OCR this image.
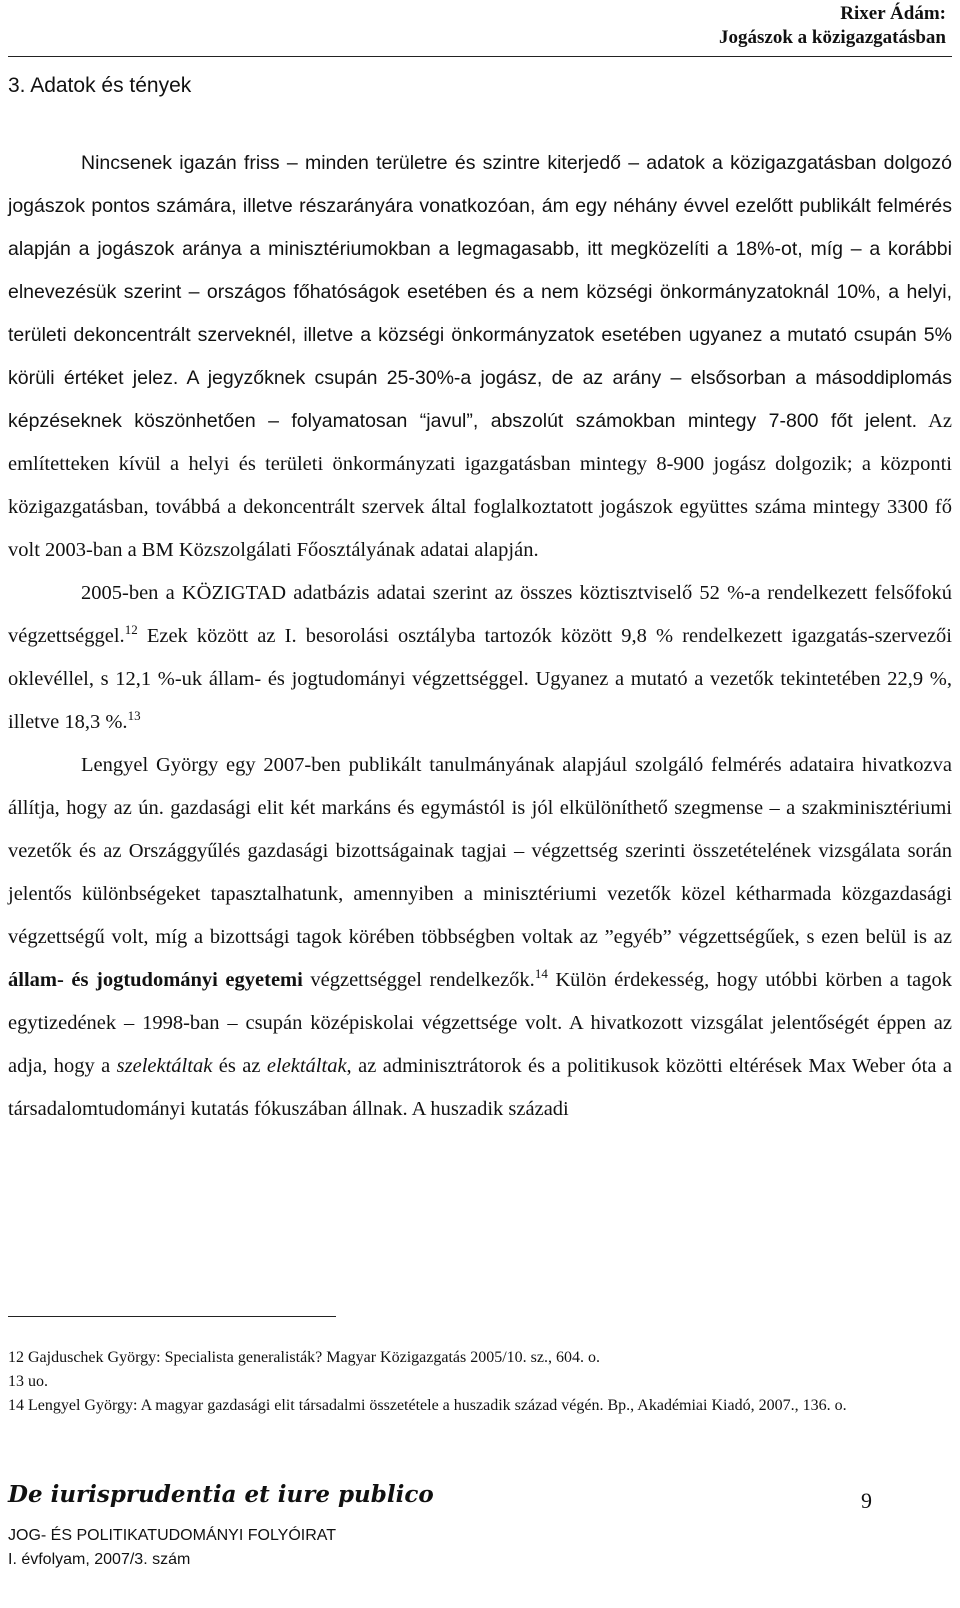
Rixer Ádám:
Jogászok a közigazgatásban
3. Adatok és tények

Nincsenek igazán friss – minden területre és szintre kiterjedő – adatok a közigazgatásban dolgozó jogászok pontos számára, illetve részarányára vonatkozóan, ám egy néhány évvel ezelőtt publikált felmérés alapján a jogászok aránya a minisztériumokban a legmagasabb, itt megközelíti a 18%-ot, míg – a korábbi elnevezésük szerint – országos főhatóságok esetében és a nem községi önkormányzatoknál 10%, a helyi, területi dekoncentrált szerveknél, illetve a községi önkormányzatok esetében ugyanez a mutató csupán 5% körüli értéket jelez. A jegyzőknek csupán 25-30%-a jogász, de az arány – elsősorban a másoddiplomás képzéseknek köszönhetően – folyamatosan “javul”, abszolút számokban mintegy 7-800 főt jelent. Az említetteken kívül a helyi és területi önkormányzati igazgatásban mintegy 8-900 jogász dolgozik; a központi közigazgatásban, továbbá a dekoncentrált szervek által foglalkoztatott jogászok együttes száma mintegy 3300 fő volt 2003-ban a BM Közszolgálati Főosztályának adatai alapján.

2005-ben a KÖZIGTAD adatbázis adatai szerint az összes köztisztviselő 52 %-a rendelkezett felsőfokú végzettséggel.$^{12}$ Ezek között az I. besorolási osztályba tartozók között 9,8 % rendelkezett igazgatás-szervezői oklevéllel, s 12,1 %-uk állam- és jogtudományi végzettséggel. Ugyanez a mutató a vezetők tekintetében 22,9 %, illetve 18,3 %.$^{13}$

Lengyel György egy 2007-ben publikált tanulmányának alapjául szolgáló felmérés adataira hivatkozva állítja, hogy az ún. gazdasági elit két markáns és egymástól is jól elkülöníthető szegmense – a szakminisztériumi vezetők és az Országgyűlés gazdasági bizottságainak tagjai – végzettség szerinti összetételének vizsgálata során jelentős különbségeket tapasztalhatunk, amennyiben a minisztériumi vezetők közel kétharmada közgazdasági végzettségű volt, míg a bizottsági tagok körében többségben voltak az ”egyéb” végzettségűek, s ezen belül is az állam- és jogtudományi egyetemi végzettséggel rendelkezők.$^{14}$ Külön érdekesség, hogy utóbbi körben a tagok egytizedének – 1998-ban – csupán középiskolai végzettsége volt. A hivatkozott vizsgálat jelentőségét éppen az adja, hogy a szelektáltak és az elektáltak, az adminisztrátorok és a politikusok közötti eltérések Max Weber óta a társadalomtudományi kutatás fókuszában állnak. A huszadik századi

12 Gajduschek György: Specialista generalisták? Magyar Közigazgatás 2005/10. sz., 604. o.
13 uo.
14 Lengyel György: A magyar gazdasági elit társadalmi összetétele a huszadik század végén. Bp., Akadémiai Kiadó, 2007., 136. o.
De iurisprudentia et iure publico	9
JOG- ÉS POLITIKATUDOMÁNYI FOLYÓIRAT
I. évfolyam, 2007/3. szám
